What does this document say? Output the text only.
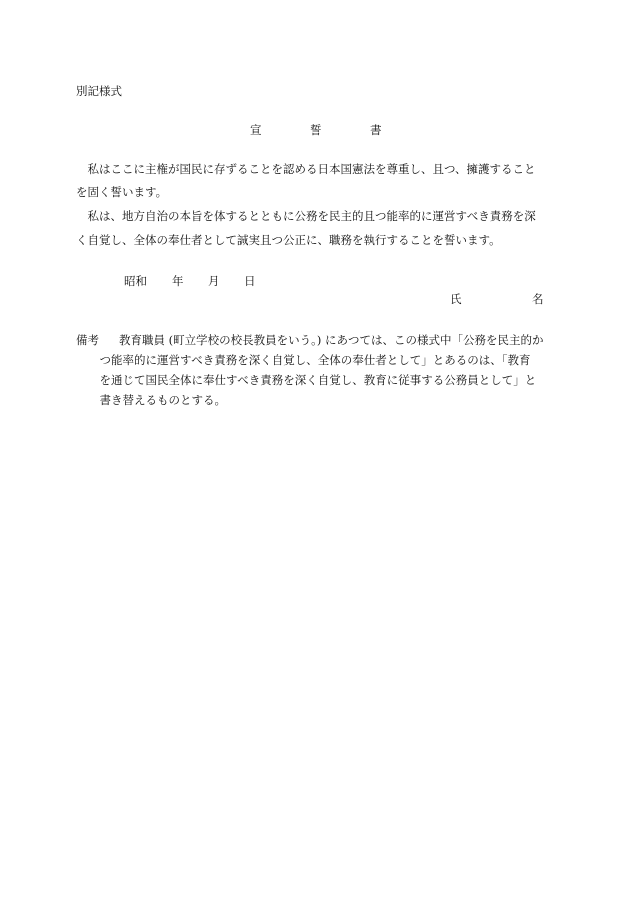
別記様式
宣	誓	書
　私はここに主権が国民に存ずることを認める日本国憲法を尊重し、且つ、擁護すること
を固く誓います。
　私は、地方自治の本旨を体するとともに公務を民主的且つ能率的に運営すべき責務を深
く自覚し、全体の奉仕者として誠実且つ公正に、職務を執行することを誓います。
昭和 年 月 日
氏	名
備考 教育職員 (町立学校の校長教員をいう。) にあつては、この様式中「公務を民主的か
　つ能率的に運営すべき責務を深く自覚し、全体の奉仕者として」とあるのは、「教育
　を通じて国民全体に奉仕すべき責務を深く自覚し、教育に従事する公務員として」と
　書き替えるものとする。
